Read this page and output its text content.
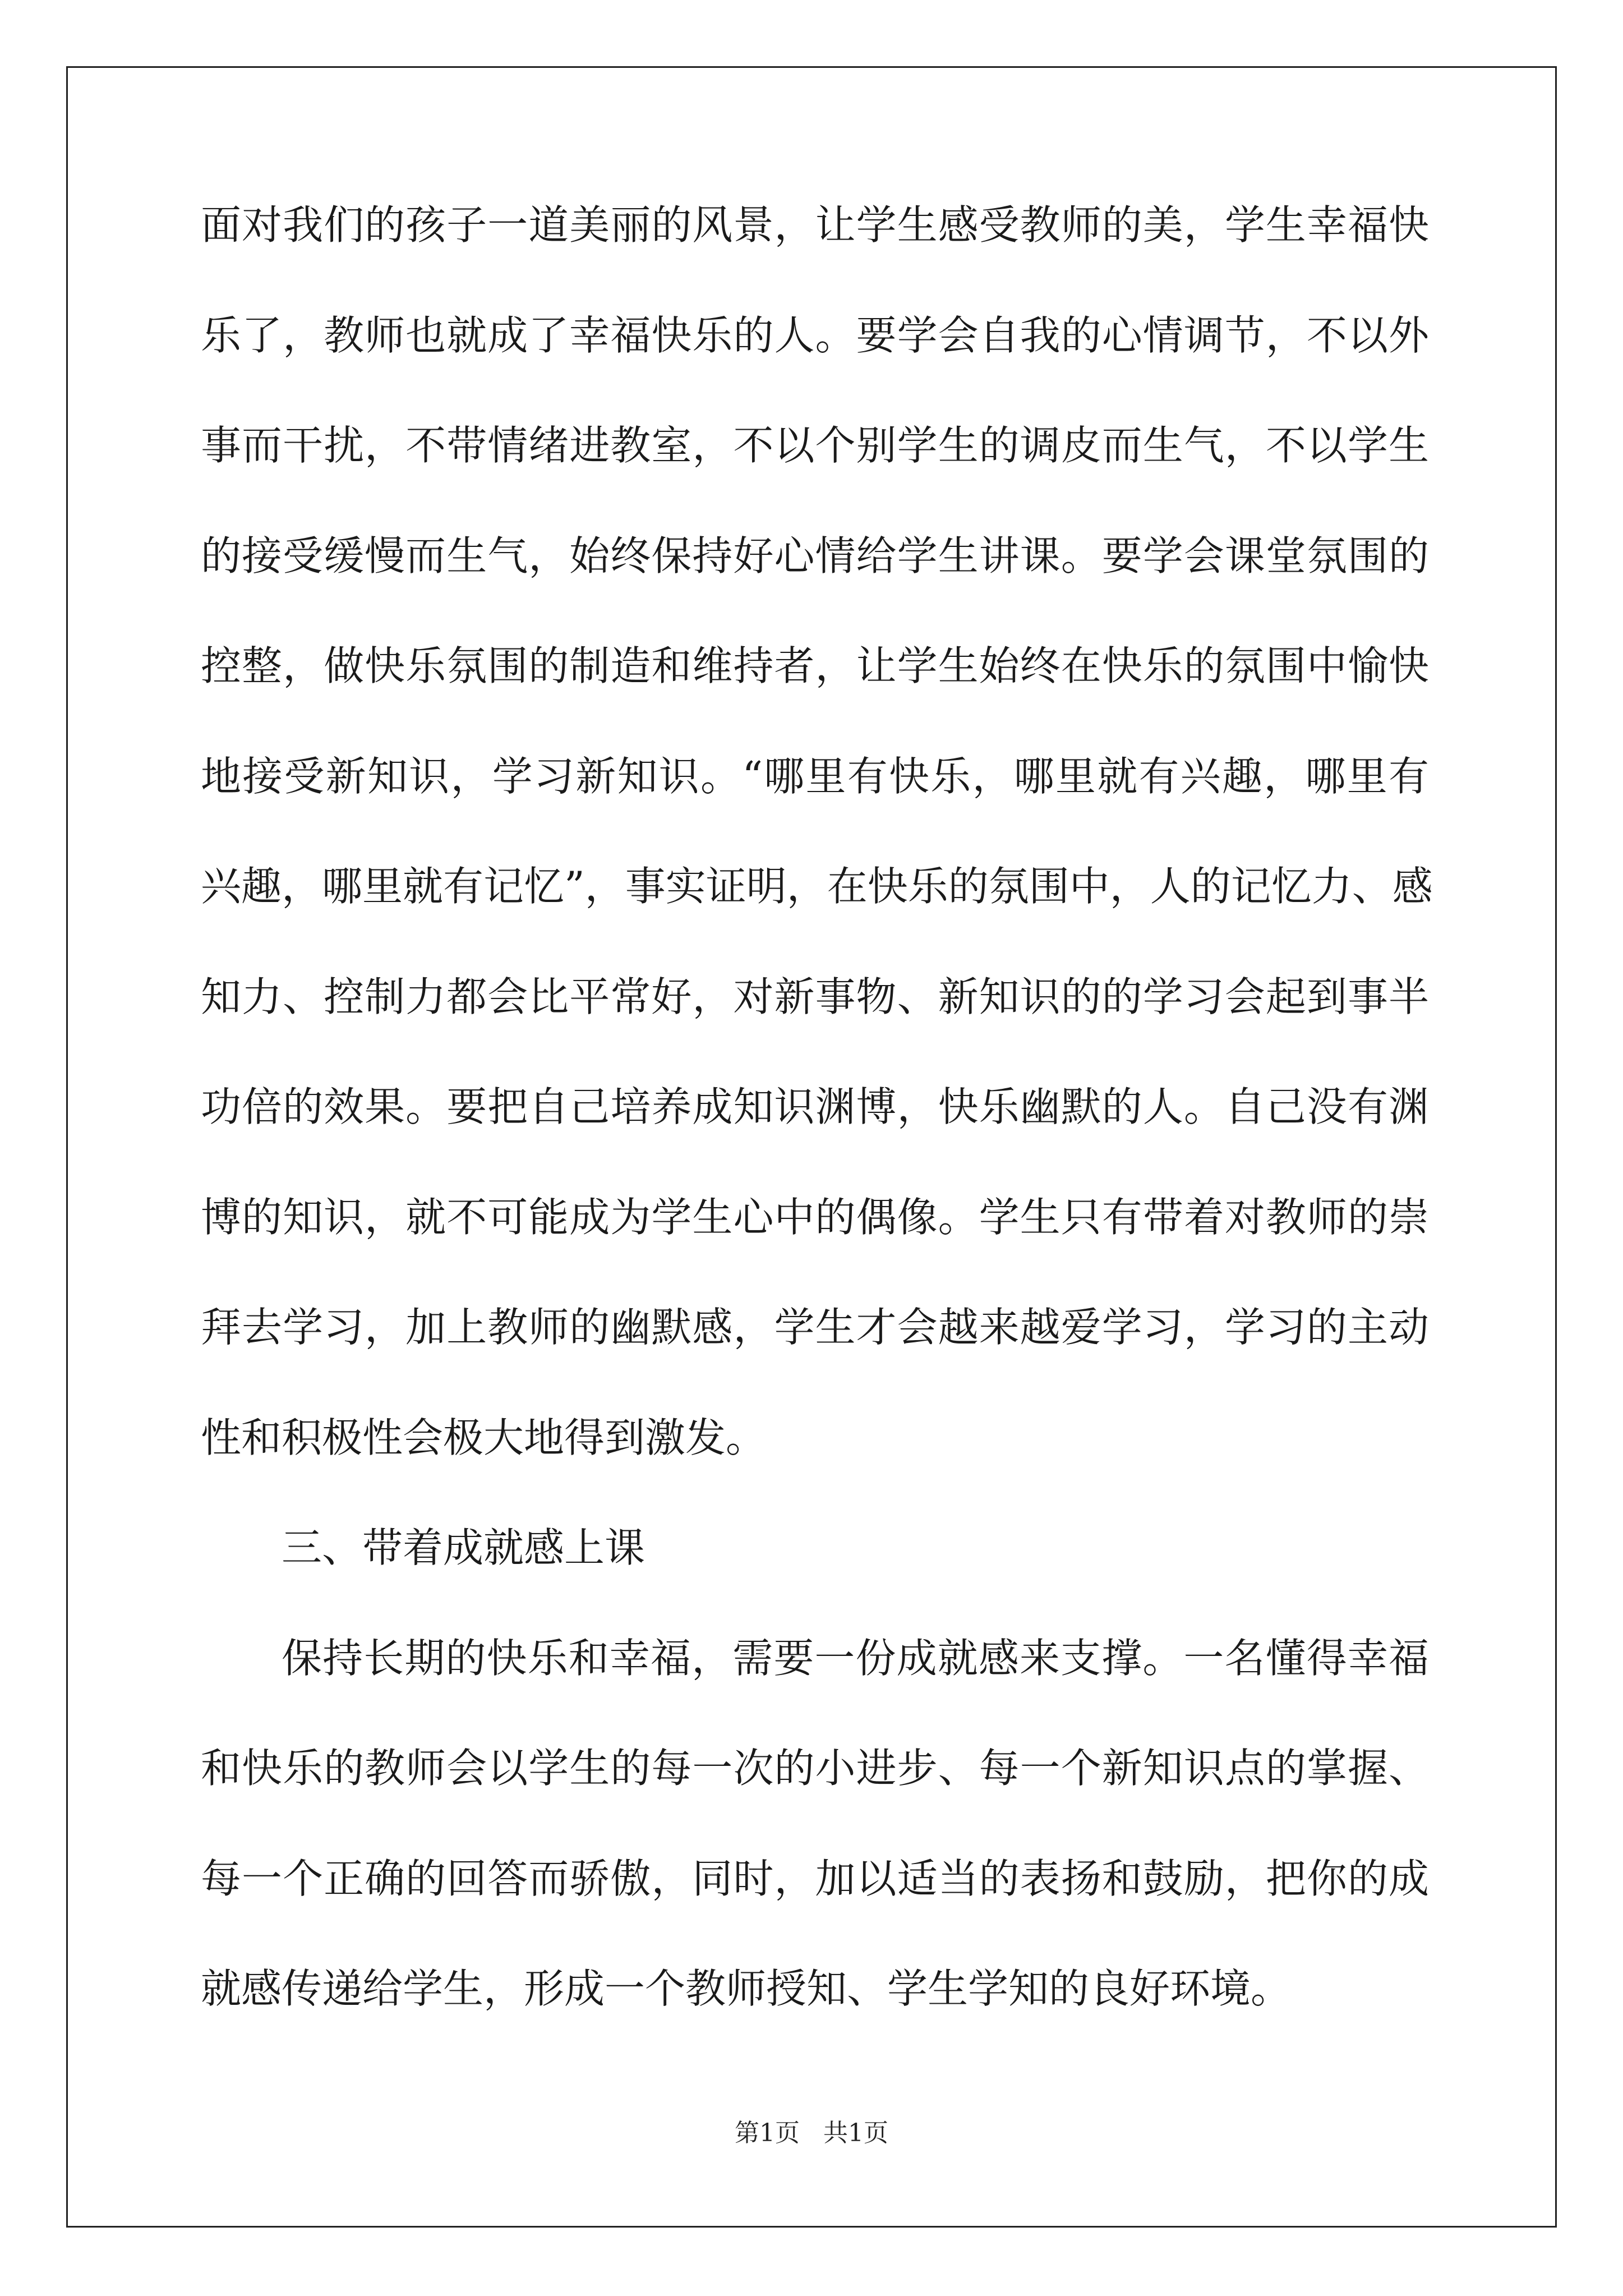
面对我们的孩子一道美丽的风景，让学生感受教师的美，学生幸福快
乐了，教师也就成了幸福快乐的人。要学会自我的心情调节，不以外
事而干扰，不带情绪进教室，不以个别学生的调皮而生气，不以学生
的接受缓慢而生气，始终保持好心情给学生讲课。要学会课堂氛围的
控整，做快乐氛围的制造和维持者，让学生始终在快乐的氛围中愉快
地接受新知识，学习新知识。“哪里有快乐，哪里就有兴趣，哪里有
兴趣，哪里就有记忆”，事实证明，在快乐的氛围中，人的记忆力、感
知力、控制力都会比平常好，对新事物、新知识的的学习会起到事半
功倍的效果。要把自己培养成知识渊博，快乐幽默的人。自己没有渊
博的知识，就不可能成为学生心中的偶像。学生只有带着对教师的崇
拜去学习，加上教师的幽默感，学生才会越来越爱学习，学习的主动
性和积极性会极大地得到激发。
三、带着成就感上课
保持长期的快乐和幸福，需要一份成就感来支撑。一名懂得幸福
和快乐的教师会以学生的每一次的小进步、每一个新知识点的掌握、
每一个正确的回答而骄傲，同时，加以适当的表扬和鼓励，把你的成
就感传递给学生，形成一个教师授知、学生学知的良好环境。
第1页 共1页
